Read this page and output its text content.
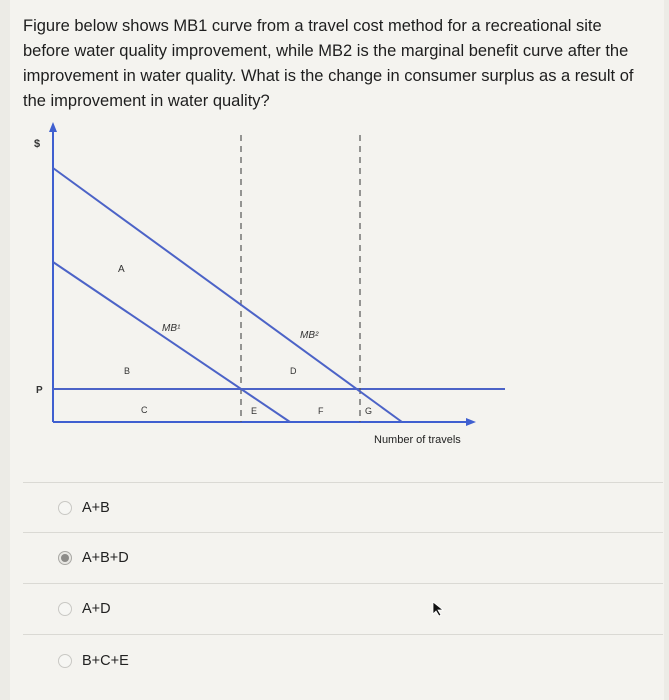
Figure below shows MB1 curve from a travel cost method for a recreational site before water quality improvement, while MB2 is the marginal benefit curve after the improvement in water quality. What is the change in consumer surplus as a result of the improvement in water quality?
$
P
Number of travels
MB¹
MB²
A
B
C
D
E	F	G
A+B
A+B+D
A+D
B+C+E
